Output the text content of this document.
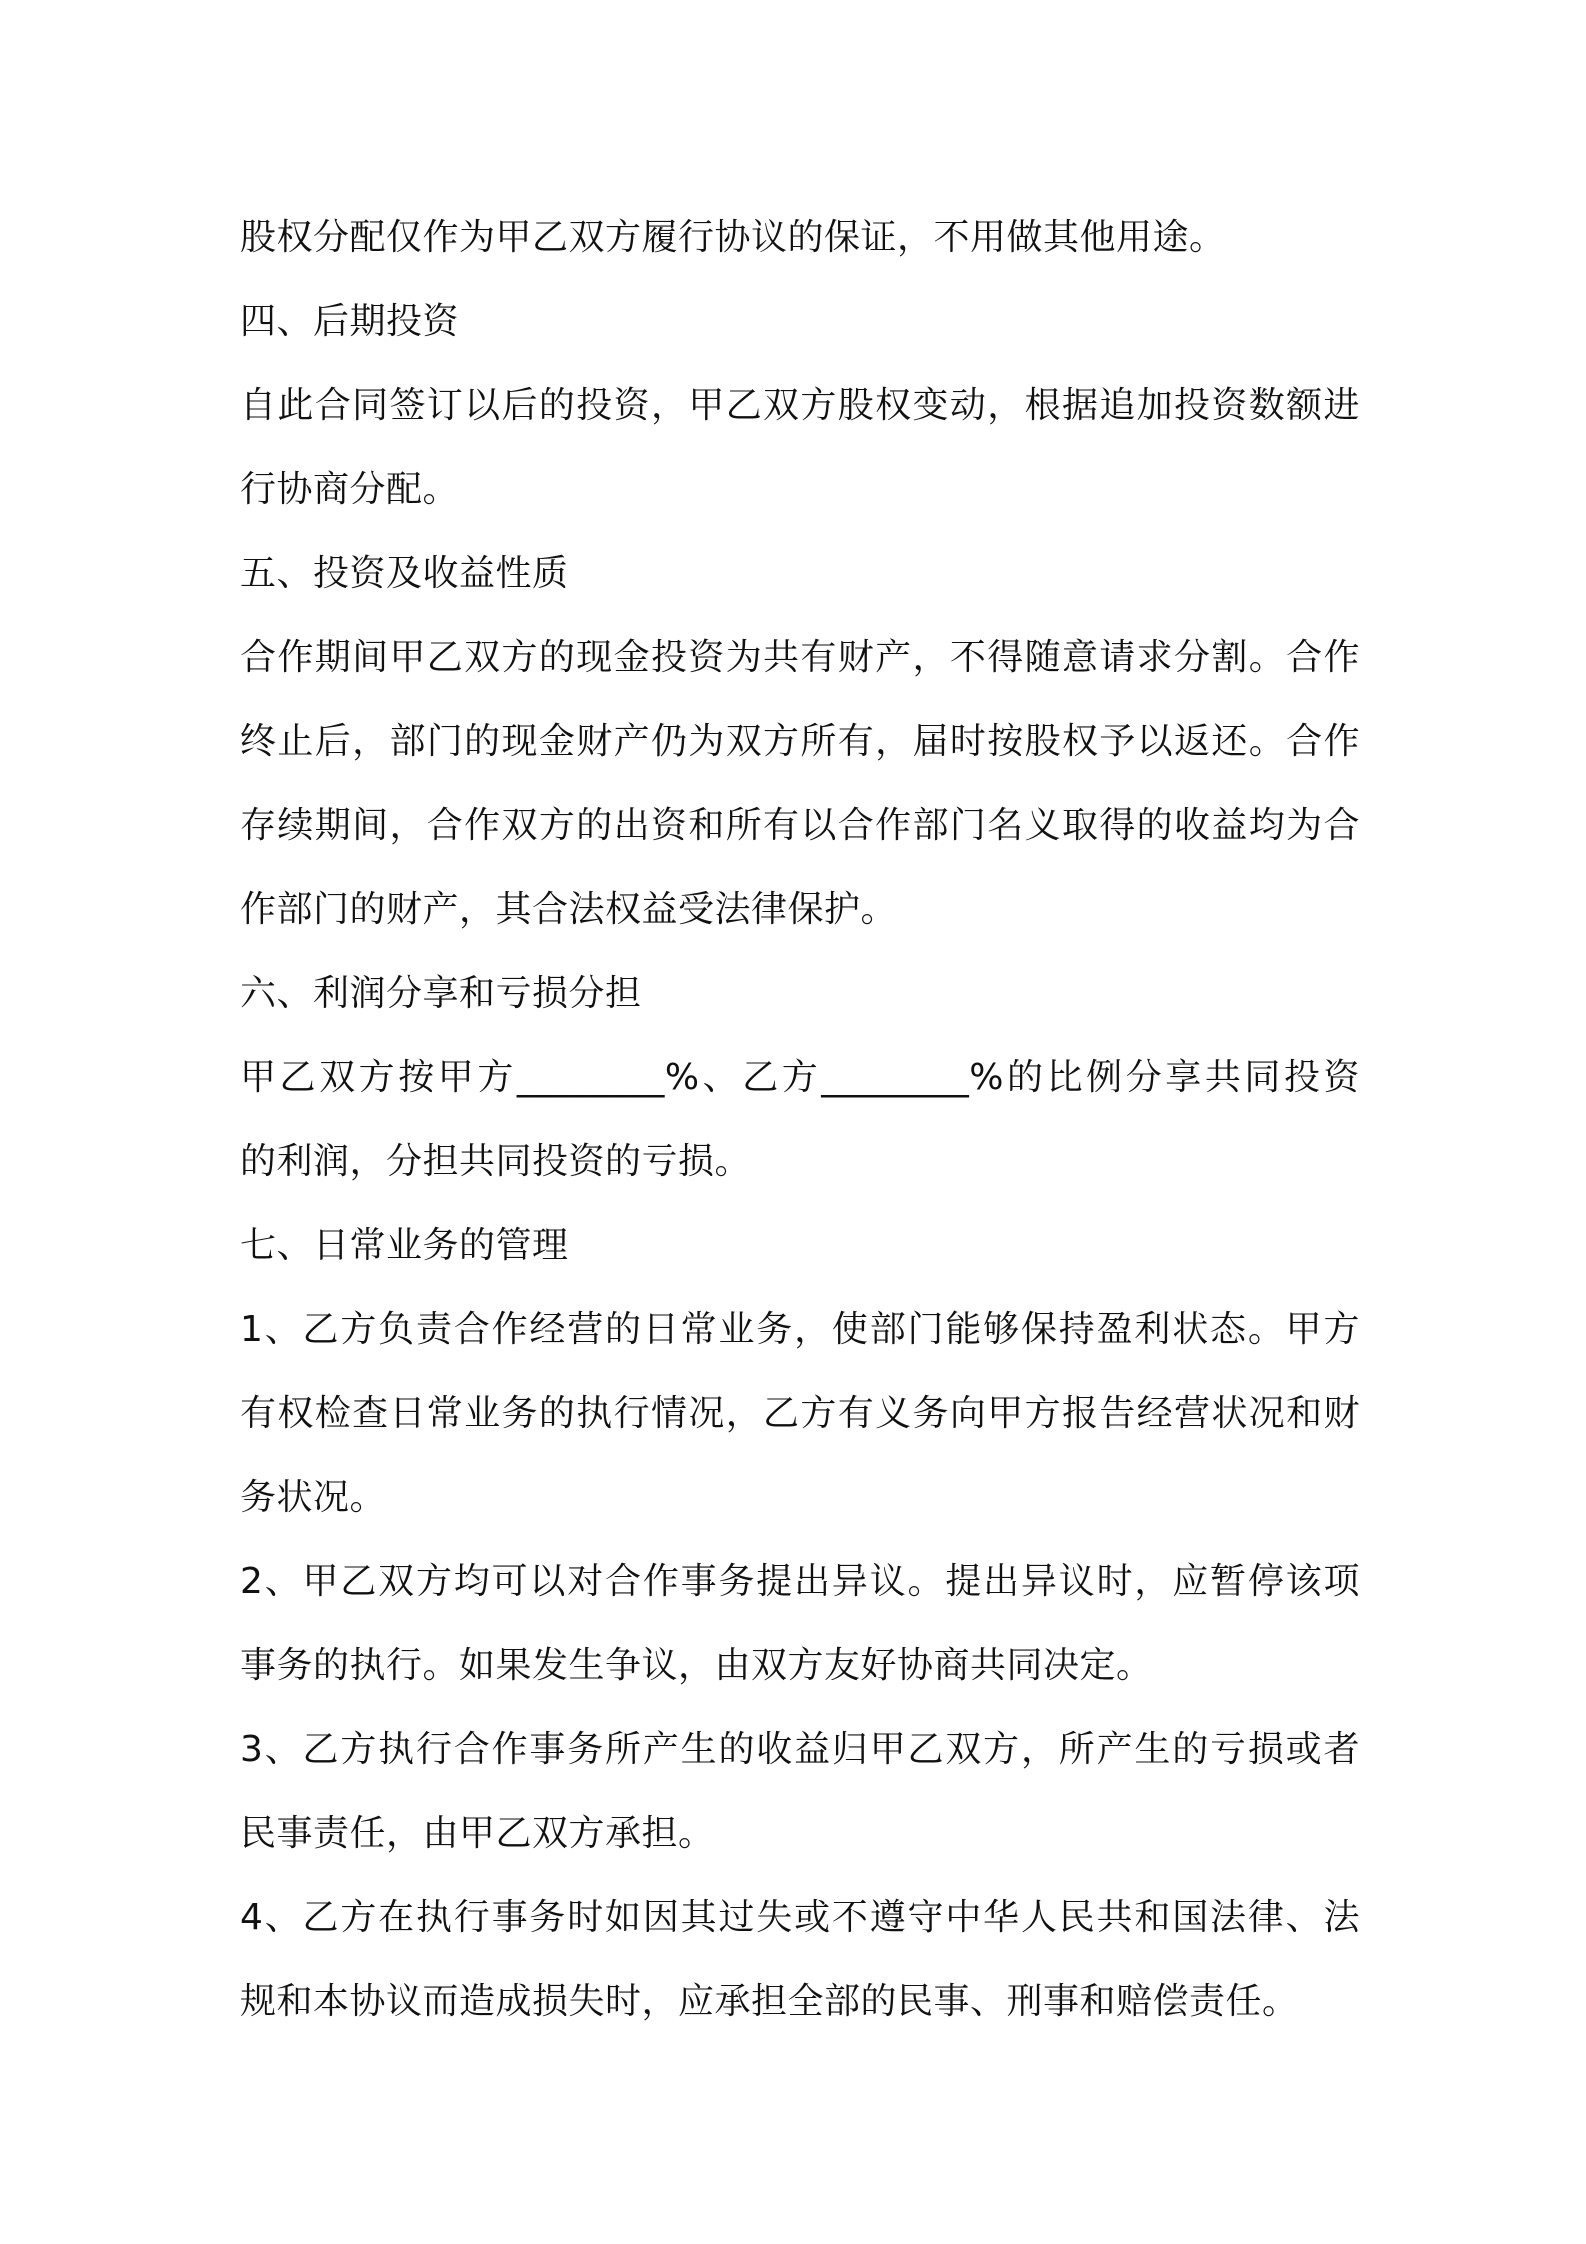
股权分配仅作为甲乙双方履行协议的保证，不用做其他用途。
四、后期投资
自此合同签订以后的投资，甲乙双方股权变动，根据追加投资数额进
行协商分配。
五、投资及收益性质
合作期间甲乙双方的现金投资为共有财产，不得随意请求分割。合作
终止后，部门的现金财产仍为双方所有，届时按股权予以返还。合作
存续期间，合作双方的出资和所有以合作部门名义取得的收益均为合
作部门的财产，其合法权益受法律保护。
六、利润分享和亏损分担
甲乙双方按甲方________%、乙方________%的比例分享共同投资
的利润，分担共同投资的亏损。
七、日常业务的管理
1、乙方负责合作经营的日常业务，使部门能够保持盈利状态。甲方
有权检查日常业务的执行情况，乙方有义务向甲方报告经营状况和财
务状况。
2、甲乙双方均可以对合作事务提出异议。提出异议时，应暂停该项
事务的执行。如果发生争议，由双方友好协商共同决定。
3、乙方执行合作事务所产生的收益归甲乙双方，所产生的亏损或者
民事责任，由甲乙双方承担。
4、乙方在执行事务时如因其过失或不遵守中华人民共和国法律、法
规和本协议而造成损失时，应承担全部的民事、刑事和赔偿责任。
